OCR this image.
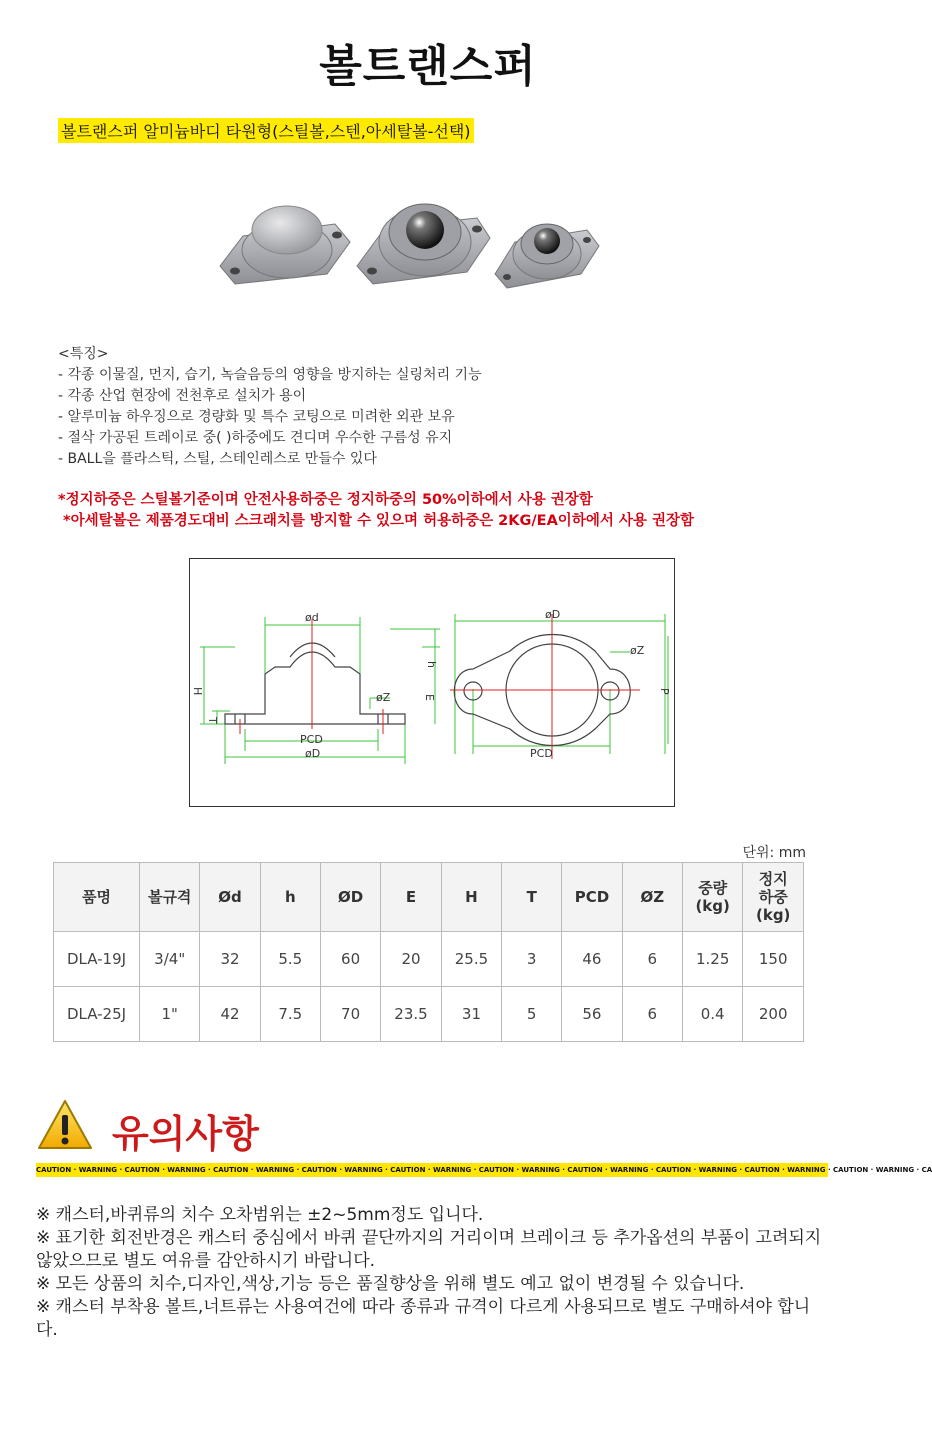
볼트랜스퍼
볼트랜스퍼 알미늄바디 타원형(스틸볼,스텐,아세탈볼-선택)
<특징>
- 각종 이물질, 먼지, 습기, 녹슬음등의 영향을 방지하는 실링처리 기능
- 각종 산업 현장에 전천후로 설치가 용이
- 알루미늄 하우징으로 경량화 및 특수 코팅으로 미려한 외관 보유
- 절삭 가공된 트레이로 중( )하중에도 견디며 우수한 구름성 유지
- BALL을 플라스틱, 스틸, 스테인레스로 만들수 있다
*정지하중은 스틸볼기준이며 안전사용하중은 정지하중의 50%이하에서 사용 권장함
*아세탈볼은 제품경도대비 스크래치를 방지할 수 있으며 허용하중은 2KG/EA이하에서 사용 권장함
ød
h
H
T
E
øZ
PCD
øD
øD
øZ
P
PCD
단위: mm
품명	볼규격	Ød	h	ØD	E	H	T	PCD	ØZ	중량
(kg)	정지
하중
(kg)
DLA-19J	3/4"	32	5.5	60	20	25.5	3	46	6	1.25	150
DLA-25J	1"	42	7.5	70	23.5	31	5	56	6	0.4	200
유의사항
CAUTION · WARNING · CAUTION · WARNING · CAUTION · WARNING · CAUTION · WARNING · CAUTION · WARNING · CAUTION · WARNING · CAUTION · WARNING · CAUTION · WARNING · CAUTION · WARNING · CAUTION · WARNING · CA
※ 캐스터,바퀴류의 치수 오차범위는 ±2~5mm정도 입니다.
※ 표기한 회전반경은 캐스터 중심에서 바퀴 끝단까지의 거리이며 브레이크 등 추가옵션의 부품이 고려되지 않았으므로 별도 여유를 감안하시기 바랍니다.
※ 모든 상품의 치수,디자인,색상,기능 등은 품질향상을 위해 별도 예고 없이 변경될 수 있습니다.
※ 캐스터 부착용 볼트,너트류는 사용여건에 따라 종류과 규격이 다르게 사용되므로 별도 구매하셔야 합니다.
